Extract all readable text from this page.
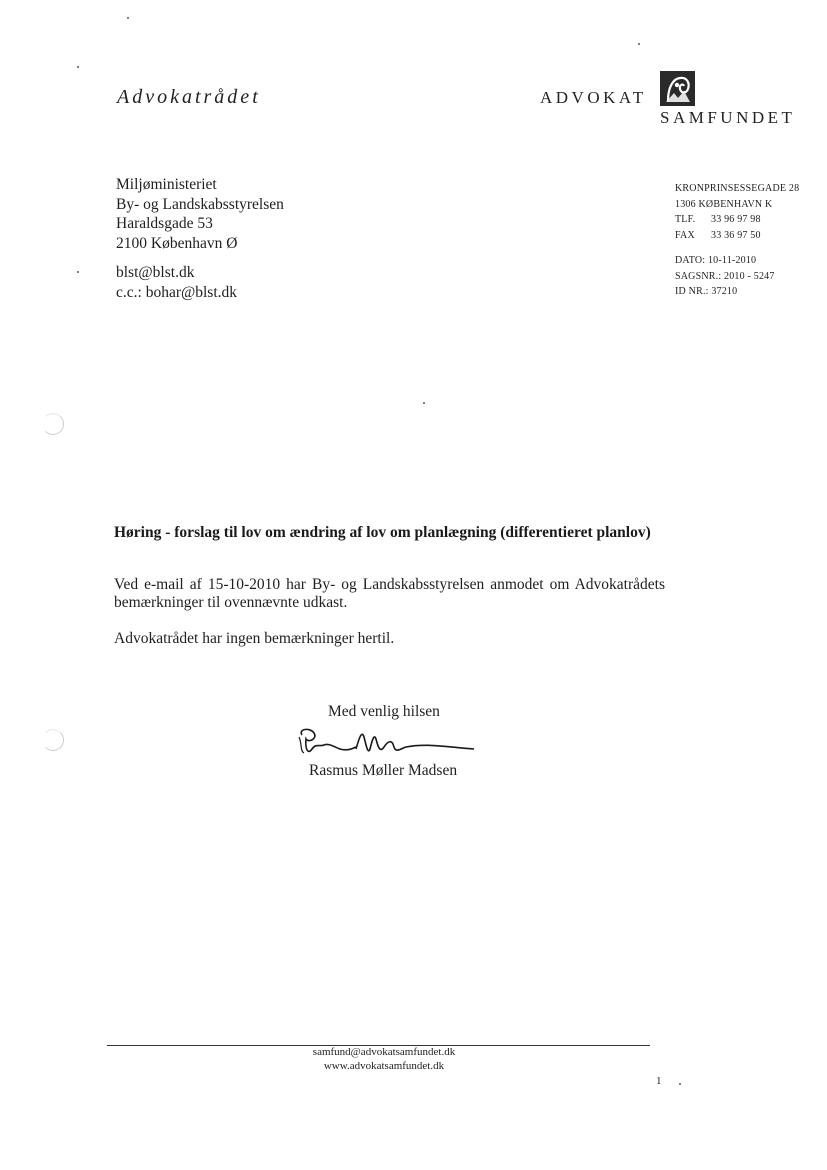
Advokatrådet	ADVOKAT
SAMFUNDET
Miljøministeriet
By- og Landskabsstyrelsen
Haraldsgade 53
2100 København Ø
blst@blst.dk
c.c.: bohar@blst.dk
KRONPRINSESSEGADE 28
1306 KØBENHAVN K
TLF. 33 96 97 98
FAX 33 36 97 50
DATO: 10-11-2010
SAGSNR.: 2010 - 5247
ID NR.: 37210
Høring - forslag til lov om ændring af lov om planlægning (differentieret planlov)
Ved e-mail af 15-10-2010 har By- og Landskabsstyrelsen anmodet om Advokatrådets bemærkninger til ovennævnte udkast.
Advokatrådet har ingen bemærkninger hertil.
Med venlig hilsen
Rasmus Møller Madsen
samfund@advokatsamfundet.dk
www.advokatsamfundet.dk
1
